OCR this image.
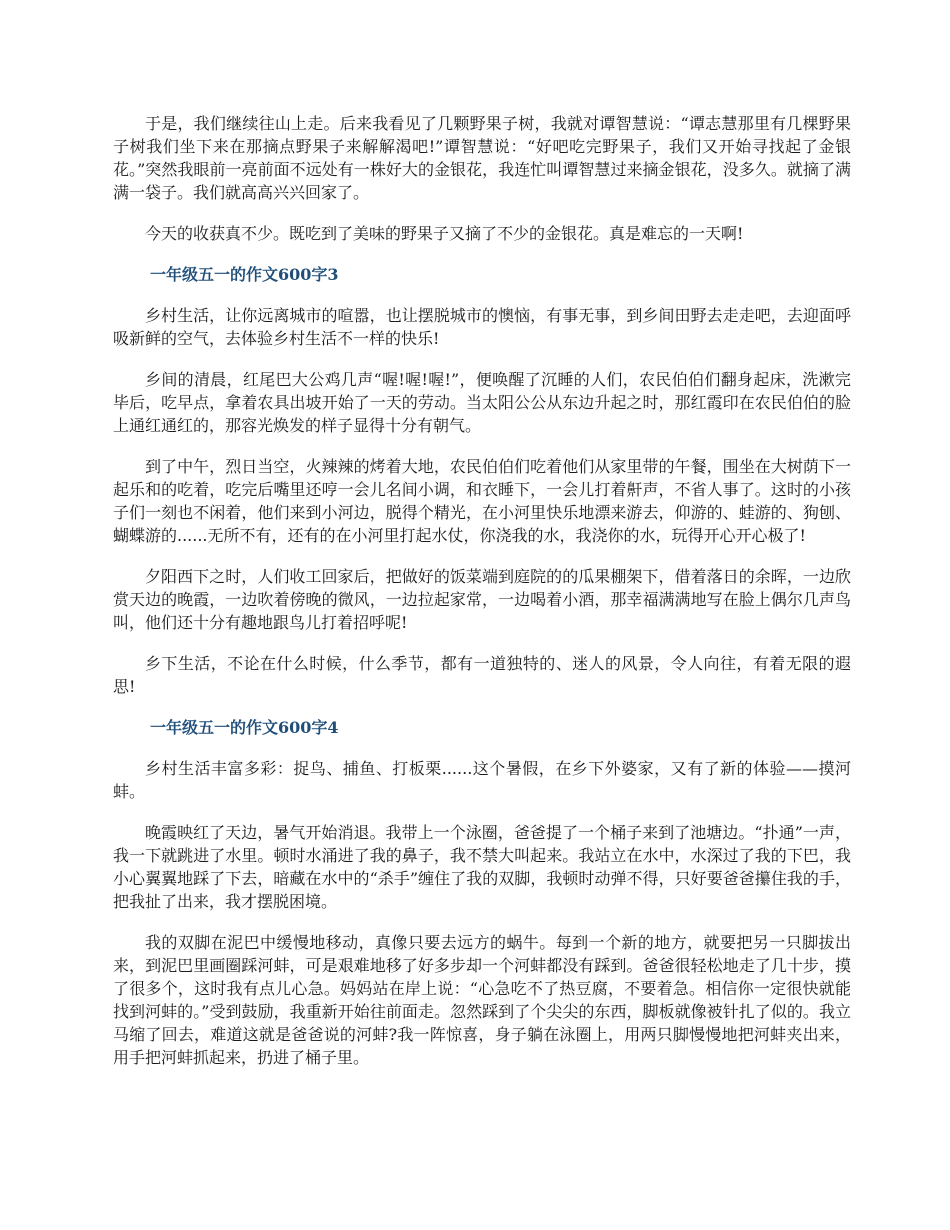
于是，我们继续往山上走。后来我看见了几颗野果子树，我就对谭智慧说：“谭志慧那里有几棵野果子树我们坐下来在那摘点野果子来解解渴吧!”谭智慧说：“好吧吃完野果子，我们又开始寻找起了金银花。”突然我眼前一亮前面不远处有一株好大的金银花，我连忙叫谭智慧过来摘金银花，没多久。就摘了满满一袋子。我们就高高兴兴回家了。

今天的收获真不少。既吃到了美味的野果子又摘了不少的金银花。真是难忘的一天啊!

一年级五一的作文600字3

乡村生活，让你远离城市的喧嚣，也让摆脱城市的懊恼，有事无事，到乡间田野去走走吧，去迎面呼吸新鲜的空气，去体验乡村生活不一样的快乐!

乡间的清晨，红尾巴大公鸡几声“喔!喔!喔!”，便唤醒了沉睡的人们，农民伯伯们翻身起床，洗漱完毕后，吃早点，拿着农具出坡开始了一天的劳动。当太阳公公从东边升起之时，那红霞印在农民伯伯的脸上通红通红的，那容光焕发的样子显得十分有朝气。

到了中午，烈日当空，火辣辣的烤着大地，农民伯伯们吃着他们从家里带的午餐，围坐在大树荫下一起乐和的吃着，吃完后嘴里还哼一会儿名间小调，和衣睡下，一会儿打着鼾声，不省人事了。这时的小孩子们一刻也不闲着，他们来到小河边，脱得个精光，在小河里快乐地漂来游去，仰游的、蛙游的、狗刨、蝴蝶游的......无所不有，还有的在小河里打起水仗，你浇我的水，我浇你的水，玩得开心开心极了!

夕阳西下之时，人们收工回家后，把做好的饭菜端到庭院的的瓜果棚架下，借着落日的余晖，一边欣赏天边的晚霞，一边吹着傍晚的微风，一边拉起家常，一边喝着小酒，那幸福满满地写在脸上偶尔几声鸟叫，他们还十分有趣地跟鸟儿打着招呼呢!

乡下生活，不论在什么时候，什么季节，都有一道独特的、迷人的风景，令人向往，有着无限的遐思!

一年级五一的作文600字4

乡村生活丰富多彩：捉鸟、捕鱼、打板栗......这个暑假，在乡下外婆家，又有了新的体验——摸河蚌。

晚霞映红了天边，暑气开始消退。我带上一个泳圈，爸爸提了一个桶子来到了池塘边。“扑通”一声，我一下就跳进了水里。顿时水涌进了我的鼻子，我不禁大叫起来。我站立在水中，水深过了我的下巴，我小心翼翼地踩了下去，暗藏在水中的“杀手”缠住了我的双脚，我顿时动弹不得，只好要爸爸攥住我的手，把我扯了出来，我才摆脱困境。

我的双脚在泥巴中缓慢地移动，真像只要去远方的蜗牛。每到一个新的地方，就要把另一只脚拔出来，到泥巴里画圈踩河蚌，可是艰难地移了好多步却一个河蚌都没有踩到。爸爸很轻松地走了几十步，摸了很多个，这时我有点儿心急。妈妈站在岸上说：“心急吃不了热豆腐，不要着急。相信你一定很快就能找到河蚌的。”受到鼓励，我重新开始往前面走。忽然踩到了个尖尖的东西，脚板就像被针扎了似的。我立马缩了回去，难道这就是爸爸说的河蚌?我一阵惊喜，身子躺在泳圈上，用两只脚慢慢地把河蚌夹出来，用手把河蚌抓起来，扔进了桶子里。
